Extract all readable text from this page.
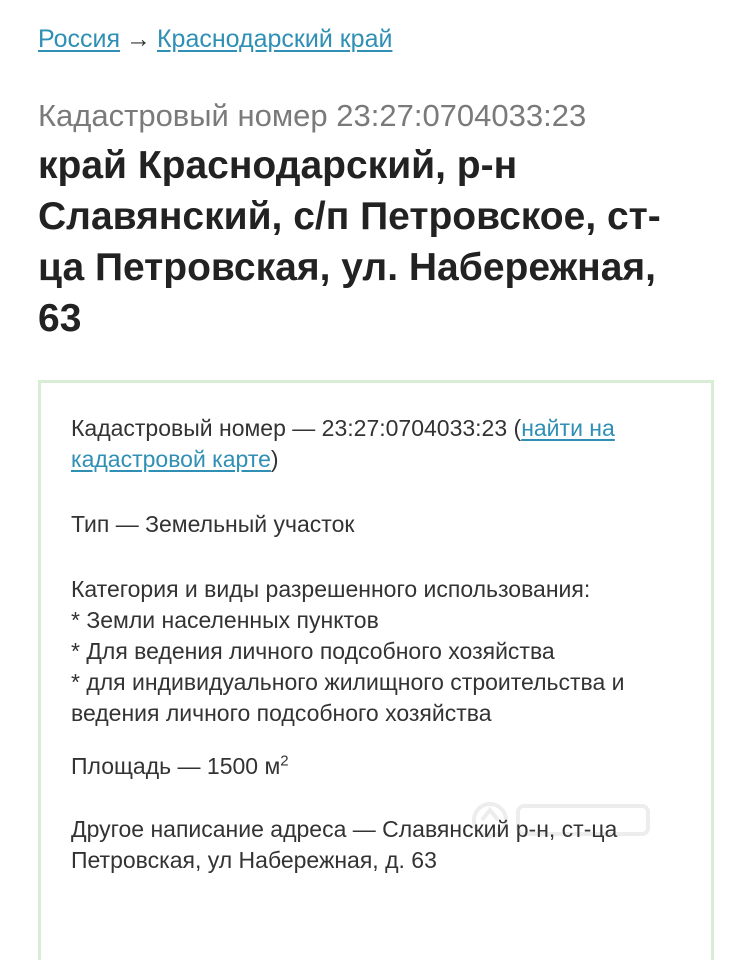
Россия → Краснодарский край
Кадастровый номер 23:27:0704033:23
край Краснодарский, р-н Славянский, с/п Петровское, ст-ца Петровская, ул. Набережная, 63

Кадастровый номер — 23:27:0704033:23 (найти на кадастровой карте)

Тип — Земельный участок

Категория и виды разрешенного использования:

* Земли населенных пунктов

* Для ведения личного подсобного хозяйства

* для индивидуального жилищного строительства и ведения личного подсобного хозяйства

Площадь — 1500 $м^2$

Другое написание адреса — Славянский р-н, ст-ца Петровская, ул Набережная, д. 63
